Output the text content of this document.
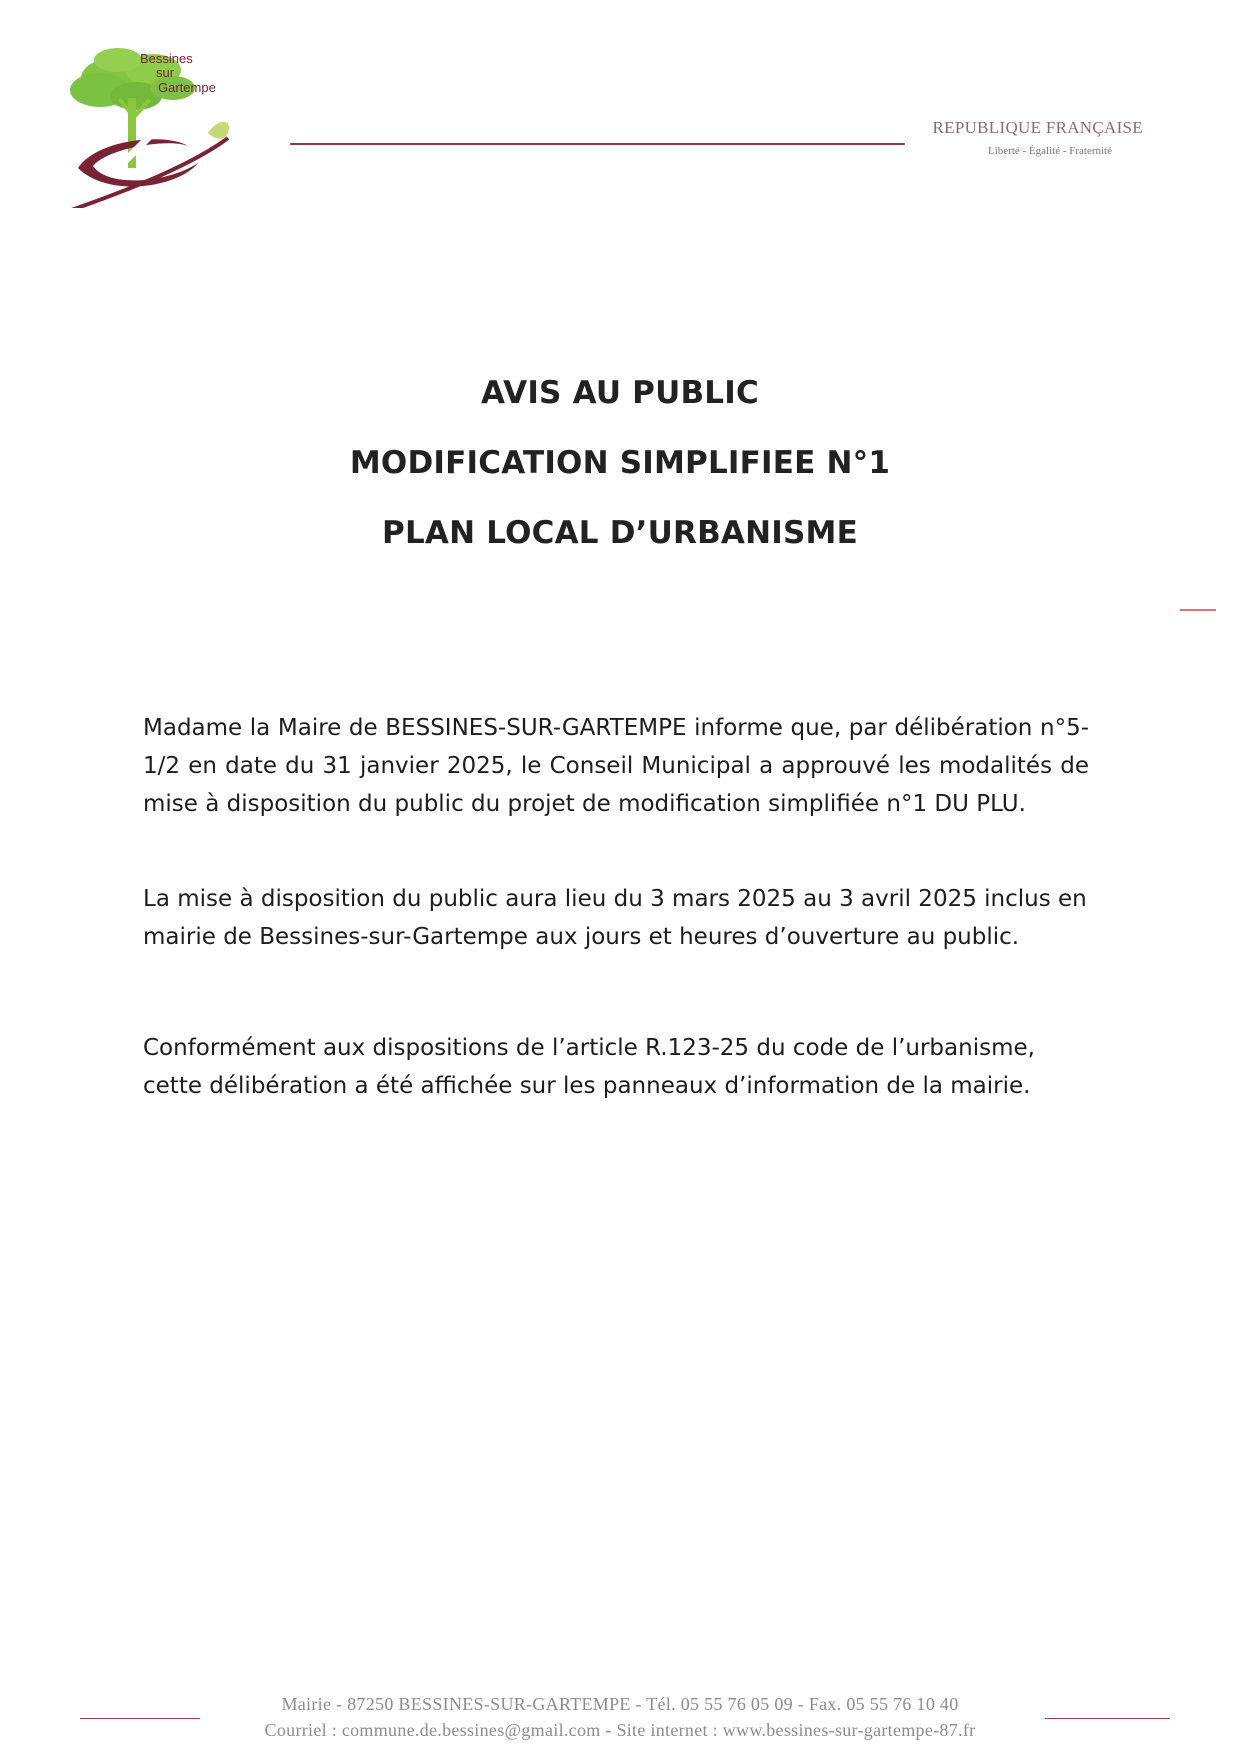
Bessines
sur
Gartempe
REPUBLIQUE FRANÇAISE
Liberté - Égalité - Fraternité
AVIS AU PUBLIC
MODIFICATION SIMPLIFIEE N°1
PLAN LOCAL D’URBANISME
Madame la Maire de BESSINES-SUR-GARTEMPE informe que, par délibération n°5-1/2 en date du 31 janvier 2025, le Conseil Municipal a approuvé les modalités de mise à disposition du public du projet de modification simplifiée n°1 DU PLU.
La mise à disposition du public aura lieu du 3 mars 2025 au 3 avril 2025 inclus en mairie de Bessines-sur-Gartempe aux jours et heures d’ouverture au public.
Conformément aux dispositions de l’article R.123-25 du code de l’urbanisme, cette délibération a été affichée sur les panneaux d’information de la mairie.
Mairie - 87250 BESSINES-SUR-GARTEMPE - Tél. 05 55 76 05 09 - Fax. 05 55 76 10 40
Courriel : commune.de.bessines@gmail.com - Site internet : www.bessines-sur-gartempe-87.fr
